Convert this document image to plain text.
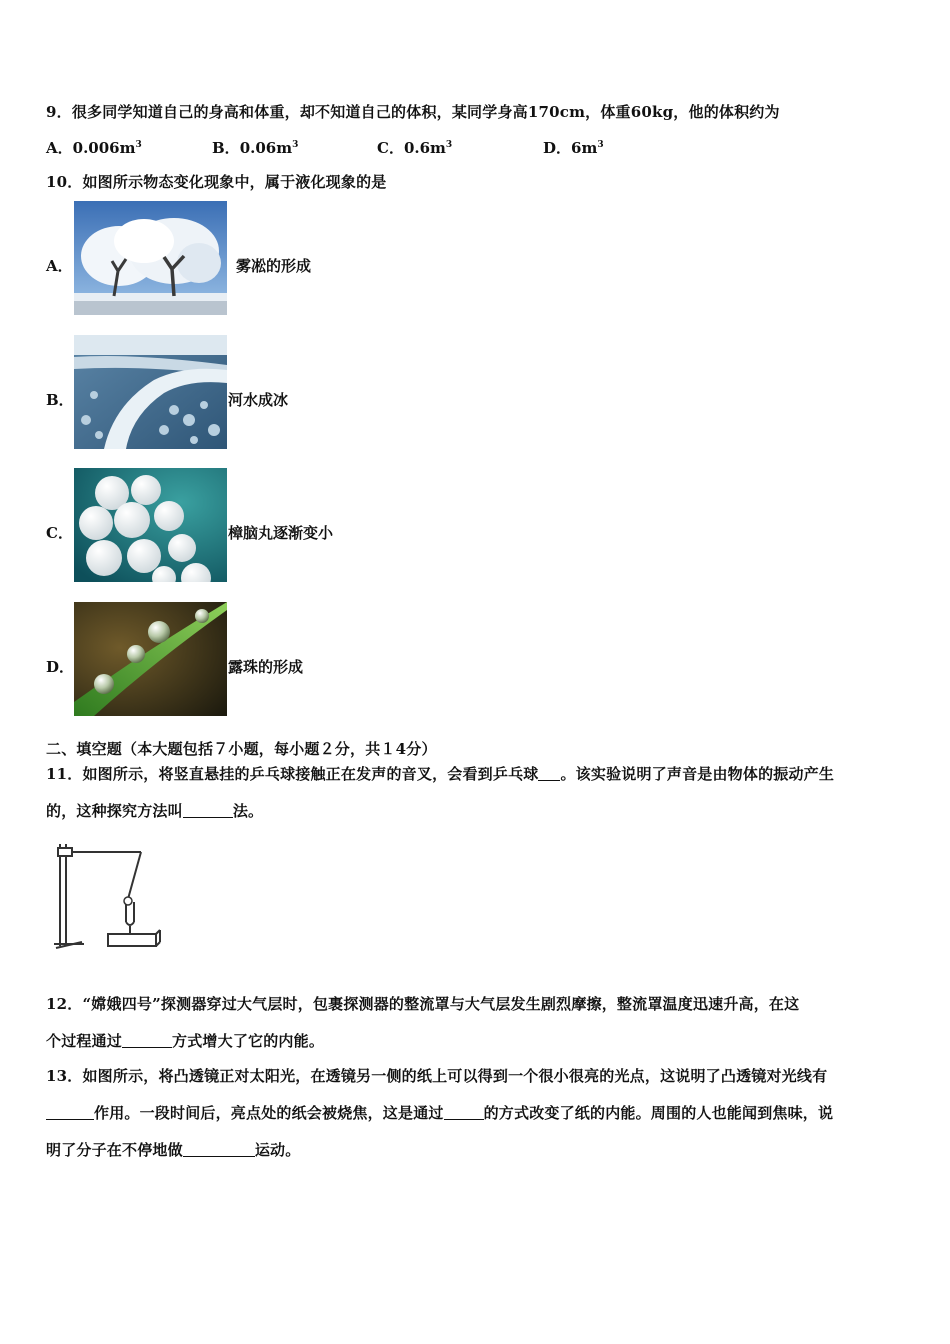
9．很多同学知道自己的身高和体重，却不知道自己的体积，某同学身高170cm，体重60kg，他的体积约为
A．$0.006m^3$	B．$0.06m^3$	C．$0.6m^3$	D．$6m^3$
10．如图所示物态变化现象中，属于液化现象的是
A．	雾凇的形成
B．	河水成冰
C．	樟脑丸逐渐变小
D．	露珠的形成
二、填空题（本大题包括７小题，每小题２分，共１4分）
11．如图所示，将竖直悬挂的乒乓球接触正在发声的音叉，会看到乒乓球 。该实验说明了声音是由物体的振动产生
的，这种探究方法叫	法。
12．“嫦娥四号”探测器穿过大气层时，包裹探测器的整流罩与大气层发生剧烈摩擦，整流罩温度迅速升高，在这
个过程通过	方式增大了它的内能。
13．如图所示，将凸透镜正对太阳光，在透镜另一侧的纸上可以得到一个很小很亮的光点，这说明了凸透镜对光线有
作用。一段时间后，亮点处的纸会被烧焦，这是通过	的方式改变了纸的内能。周围的人也能闻到焦味，说
明了分子在不停地做	运动。
